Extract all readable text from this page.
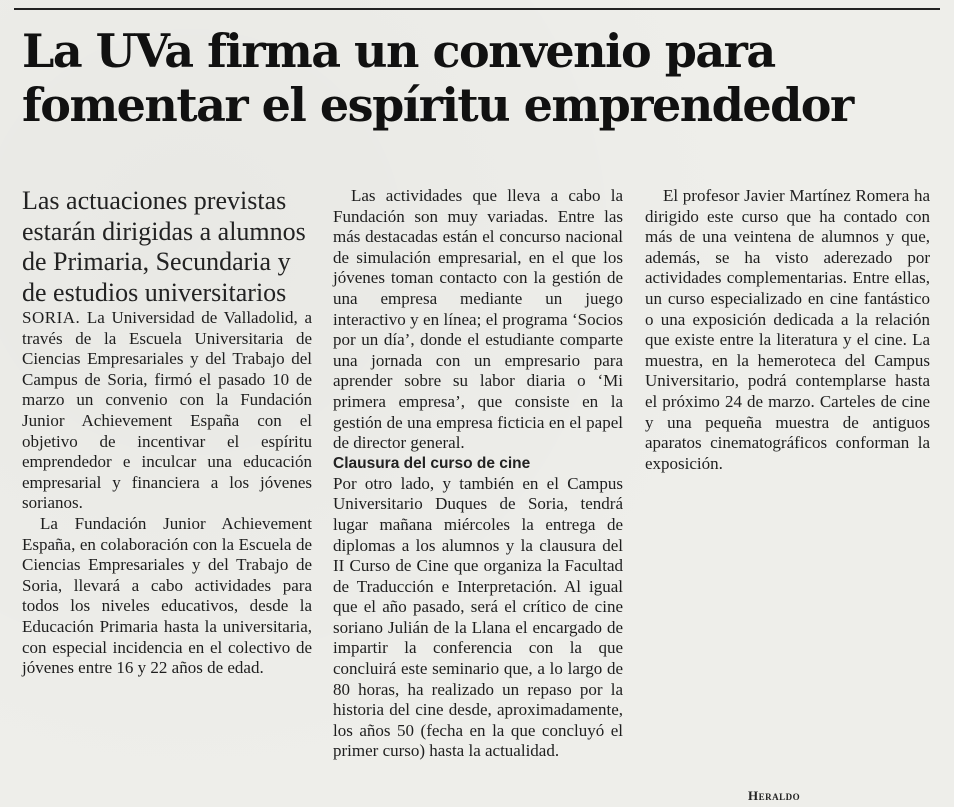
La UVa firma un convenio para
fomentar el espíritu emprendedor

Las actuaciones previstas estarán dirigidas a alumnos de Primaria, Secundaria y de estudios universitarios

SORIA. La Universidad de Valladolid, a través de la Escuela Universitaria de Ciencias Empresariales y del Trabajo del Campus de Soria, firmó el pasado 10 de marzo un convenio con la Fundación Junior Achievement España con el objetivo de incentivar el espíritu emprendedor e inculcar una educación empresarial y financiera a los jóvenes sorianos.

La Fundación Junior Achievement España, en colaboración con la Escuela de Ciencias Empresariales y del Trabajo de Soria, llevará a cabo actividades para todos los niveles educativos, desde la Educación Primaria hasta la universitaria, con especial incidencia en el colectivo de jóvenes entre 16 y 22 años de edad.

Las actividades que lleva a cabo la Fundación son muy variadas. Entre las más destacadas están el concurso nacional de simulación empresarial, en el que los jóvenes toman contacto con la gestión de una empresa mediante un juego interactivo y en línea; el programa ‘Socios por un día’, donde el estudiante comparte una jornada con un empresario para aprender sobre su labor diaria o ‘Mi primera empresa’, que consiste en la gestión de una empresa ficticia en el papel de director general.

Clausura del curso de cine

Por otro lado, y también en el Campus Universitario Duques de Soria, tendrá lugar mañana miércoles la entrega de diplomas a los alumnos y la clausura del II Curso de Cine que organiza la Facultad de Traducción e Interpretación. Al igual que el año pasado, será el crítico de cine soriano Julián de la Llana el encargado de impartir la conferencia con la que concluirá este seminario que, a lo largo de 80 horas, ha realizado un repaso por la historia del cine desde, aproximadamente, los años 50 (fecha en la que concluyó el primer curso) hasta la actualidad.

El profesor Javier Martínez Romera ha dirigido este curso que ha contado con más de una veintena de alumnos y que, además, se ha visto aderezado por actividades complementarias. Entre ellas, un curso especializado en cine fantástico o una exposición dedicada a la relación que existe entre la literatura y el cine. La muestra, en la hemeroteca del Campus Universitario, podrá contemplarse hasta el próximo 24 de marzo. Carteles de cine y una pequeña muestra de antiguos aparatos cinematográficos conforman la exposición.

Heraldo
